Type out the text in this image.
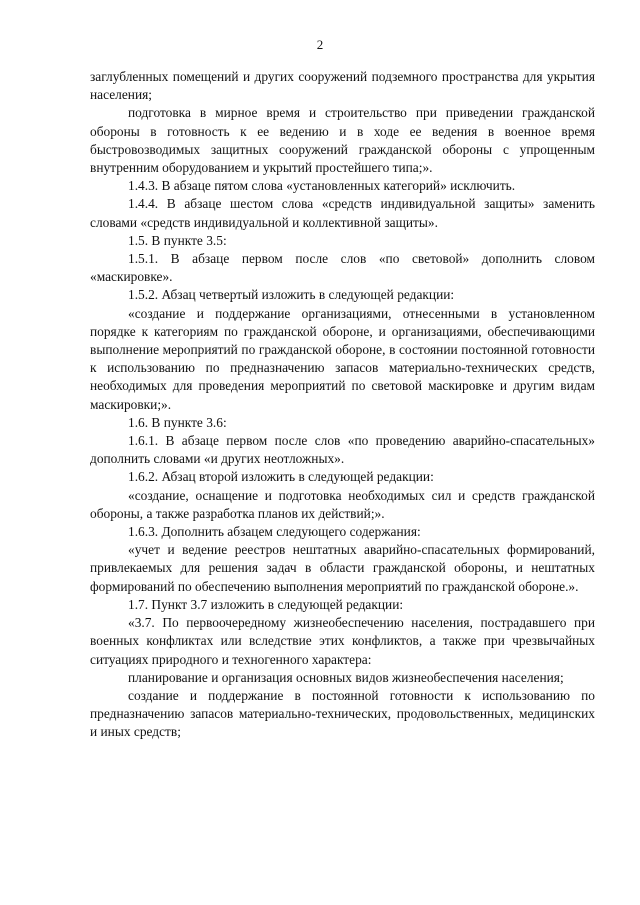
2

заглубленных помещений и других сооружений подземного пространства для укрытия населения;

подготовка в мирное время и строительство при приведении гражданской обороны в готовность к ее ведению и в ходе ее ведения в военное время быстровозводимых защитных сооружений гражданской обороны с упрощенным внутренним оборудованием и укрытий простейшего типа;».

1.4.3. В абзаце пятом слова «установленных категорий» исключить.

1.4.4. В абзаце шестом слова «средств индивидуальной защиты» заменить словами «средств индивидуальной и коллективной защиты».

1.5. В пункте 3.5:

1.5.1. В абзаце первом после слов «по световой» дополнить словом «маскировке».

1.5.2. Абзац четвертый изложить в следующей редакции:

«создание и поддержание организациями, отнесенными в установленном порядке к категориям по гражданской обороне, и организациями, обеспечивающими выполнение мероприятий по гражданской обороне, в состоянии постоянной готовности к использованию по предназначению запасов материально-технических средств, необходимых для проведения мероприятий по световой маскировке и другим видам маскировки;».

1.6. В пункте 3.6:

1.6.1. В абзаце первом после слов «по проведению аварийно-спасательных» дополнить словами «и других неотложных».

1.6.2. Абзац второй изложить в следующей редакции:

«создание, оснащение и подготовка необходимых сил и средств гражданской обороны, а также разработка планов их действий;».

1.6.3. Дополнить абзацем следующего содержания:

«учет и ведение реестров нештатных аварийно-спасательных формирований, привлекаемых для решения задач в области гражданской обороны, и нештатных формирований по обеспечению выполнения мероприятий по гражданской обороне.».

1.7. Пункт 3.7 изложить в следующей редакции:

«3.7. По первоочередному жизнеобеспечению населения, пострадавшего при военных конфликтах или вследствие этих конфликтов, а также при чрезвычайных ситуациях природного и техногенного характера:

планирование и организация основных видов жизнеобеспечения населения;

создание и поддержание в постоянной готовности к использованию по предназначению запасов материально-технических, продовольственных, медицинских и иных средств;
